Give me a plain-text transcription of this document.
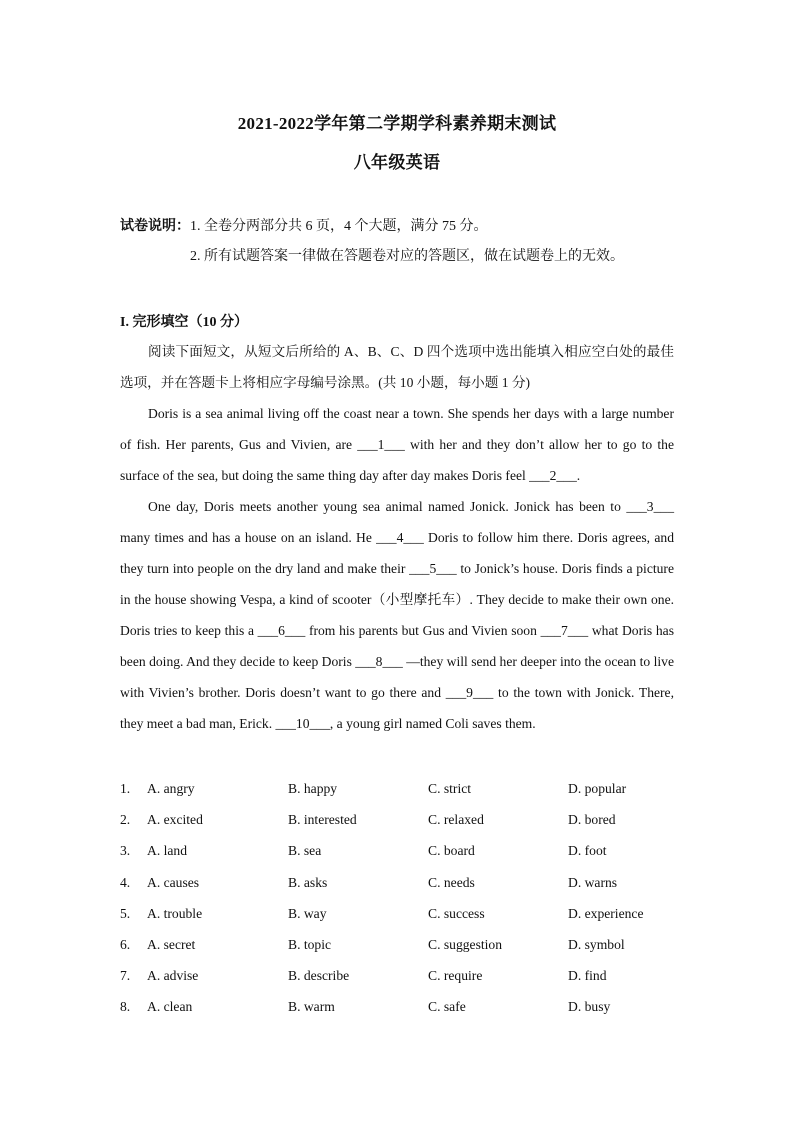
2021-2022学年第二学期学科素养期末测试
八年级英语
试卷说明：1. 全卷分两部分共 6 页，4 个大题，满分 75 分。
2. 所有试题答案一律做在答题卷对应的答题区，做在试题卷上的无效。
I. 完形填空（10 分）

阅读下面短文，从短文后所给的 A、B、C、D 四个选项中选出能填入相应空白处的最佳选项，并在答题卡上将相应字母编号涂黑。(共 10 小题，每小题 1 分)

Doris is a sea animal living off the coast near a town. She spends her days with a large number of fish. Her parents, Gus and Vivien, are ___1___ with her and they don’t allow her to go to the surface of the sea, but doing the same thing day after day makes Doris feel ___2___.

One day, Doris meets another young sea animal named Jonick. Jonick has been to ___3___ many times and has a house on an island. He ___4___ Doris to follow him there. Doris agrees, and they turn into people on the dry land and make their ___5___ to Jonick’s house. Doris finds a picture in the house showing Vespa, a kind of scooter（小型摩托车）. They decide to make their own one. Doris tries to keep this a ___6___ from his parents but Gus and Vivien soon ___7___ what Doris has been doing. And they decide to keep Doris ___8___ —they will send her deeper into the ocean to live with Vivien’s brother. Doris doesn’t want to go there and ___9___ to the town with Jonick. There, they meet a bad man, Erick. ___10___, a young girl named Coli saves them.

1. A. angry	B. happy	C. strict	D. popular
2. A. excited	B. interested	C. relaxed	D. bored
3. A. land	B. sea	C. board	D. foot
4. A. causes	B. asks	C. needs	D. warns
5. A. trouble	B. way	C. success	D. experience
6. A. secret	B. topic	C. suggestion	D. symbol
7. A. advise	B. describe	C. require	D. find
8. A. clean	B. warm	C. safe	D. busy
